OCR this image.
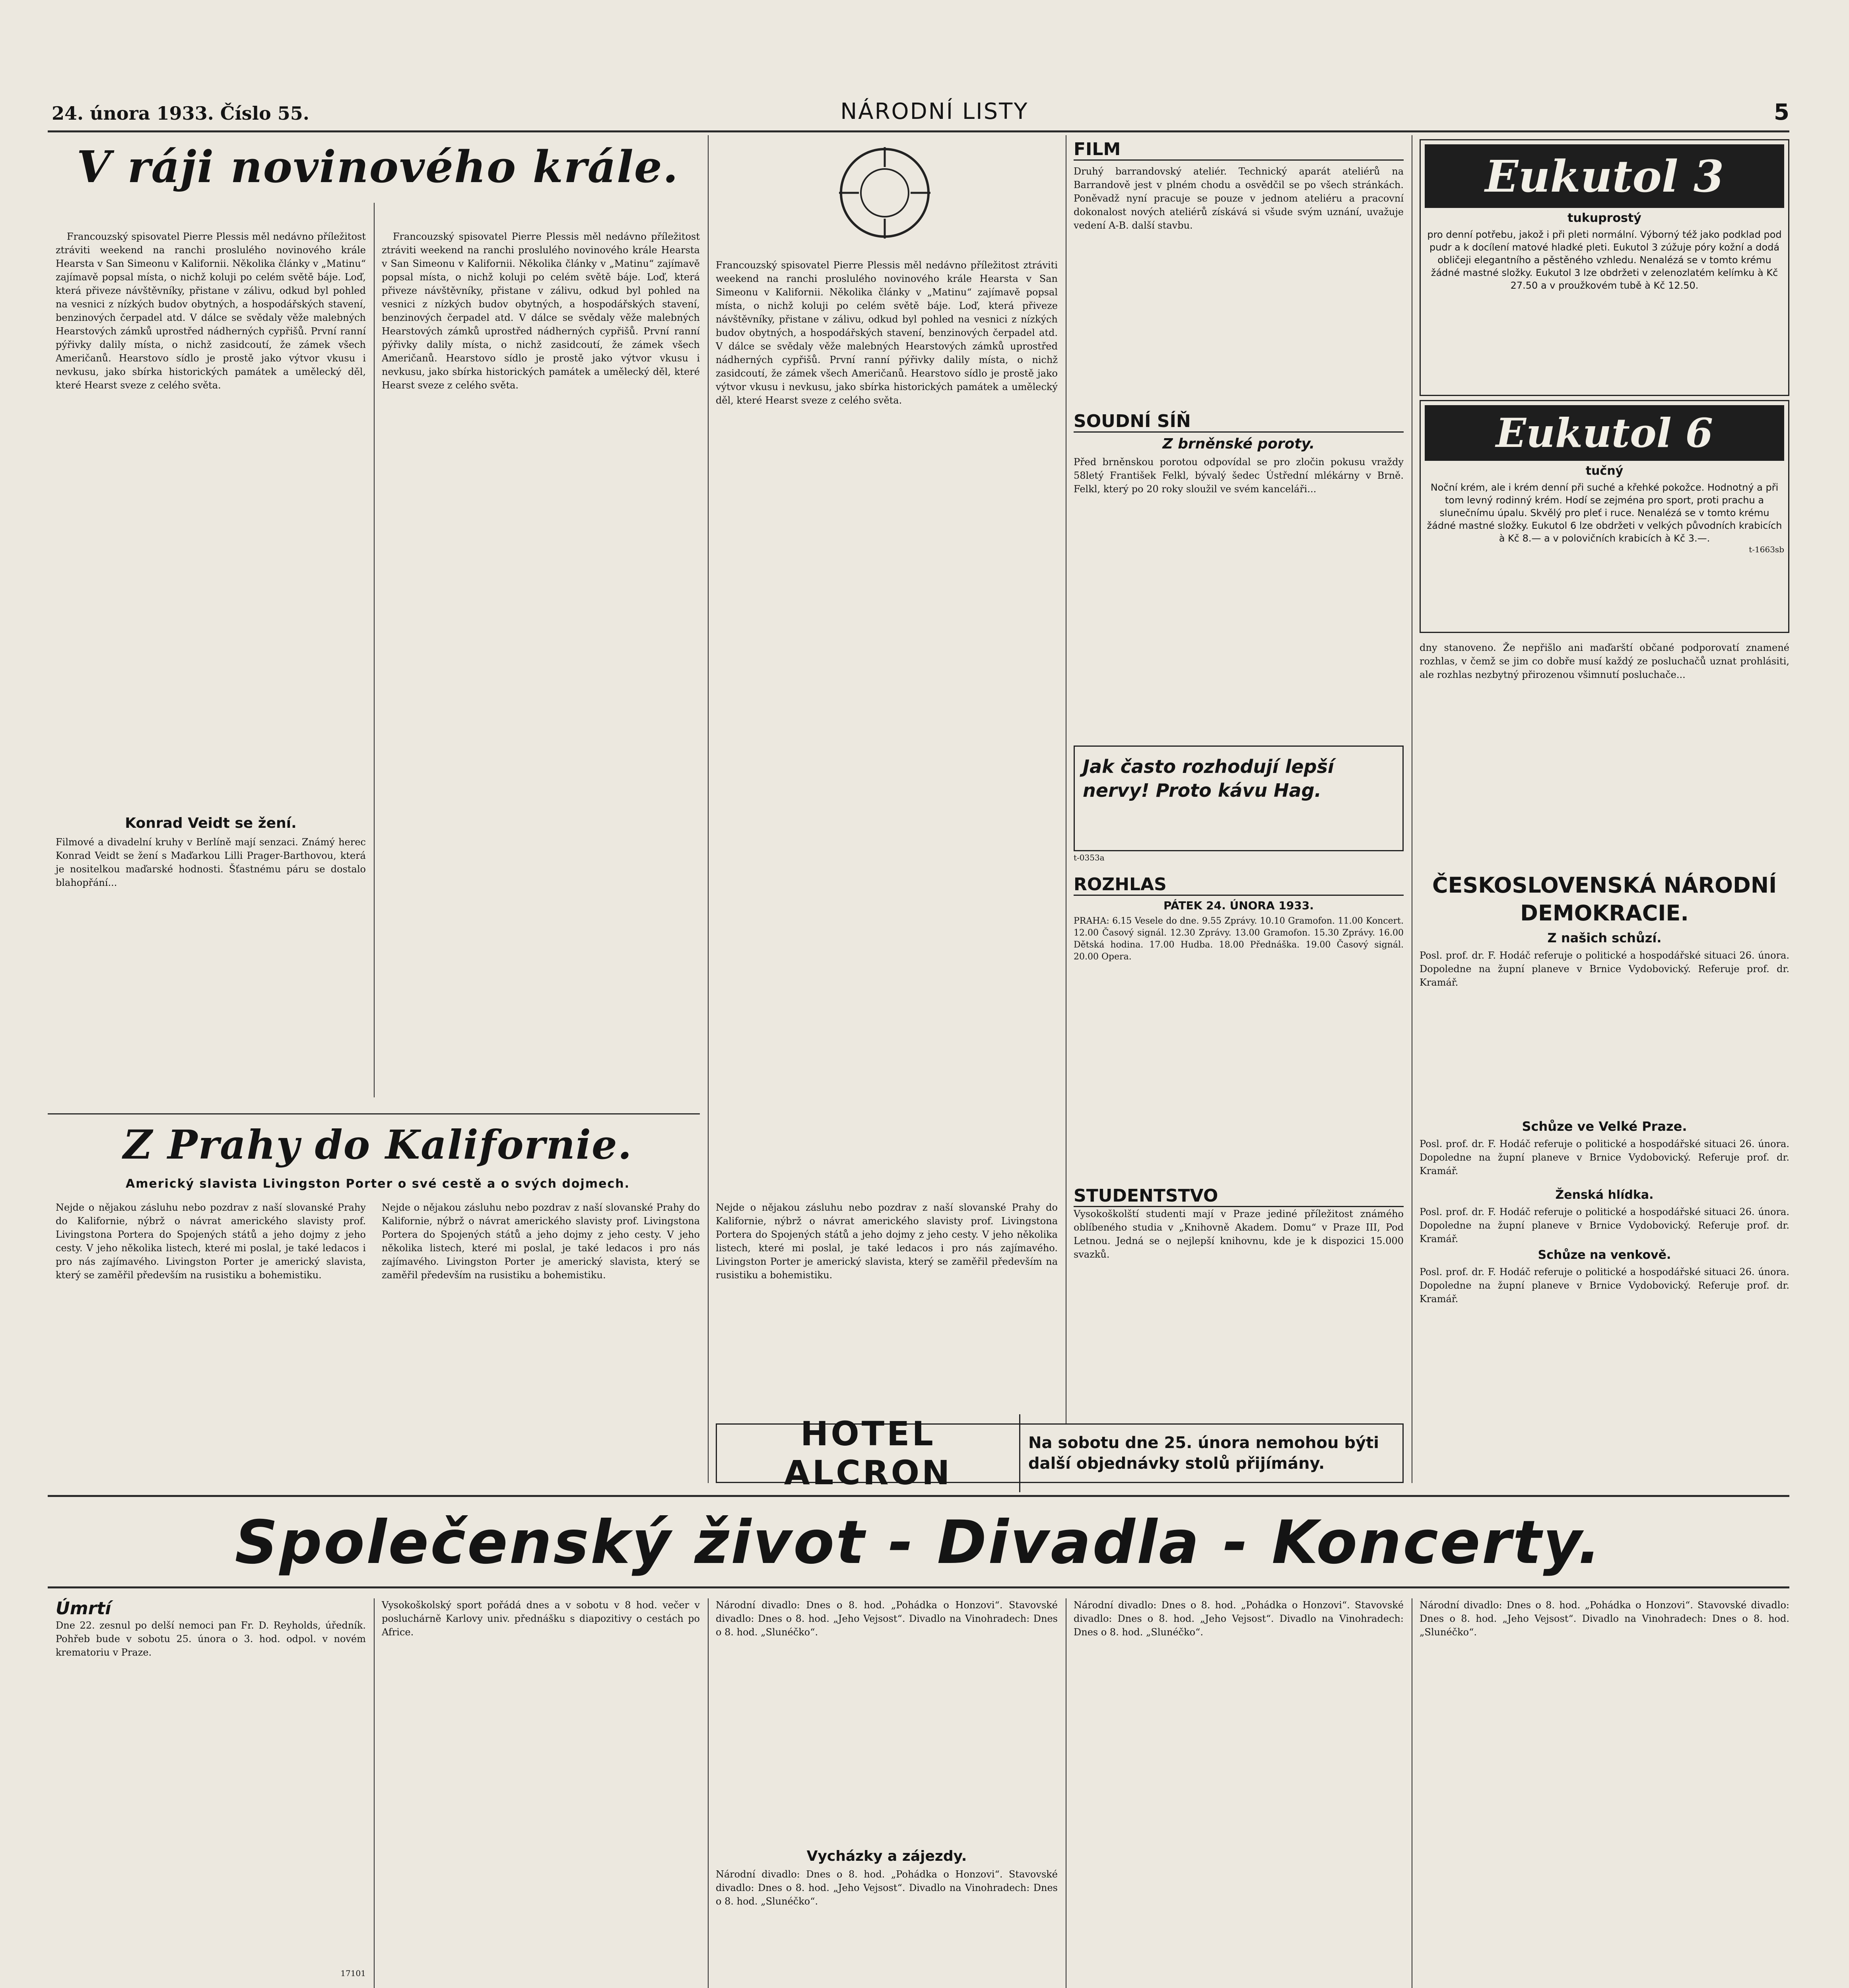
24. února 1933. Číslo 55.	NÁRODNÍ LISTY	5
V ráji novinového krále.

Francouzský spisovatel Pierre Plessis měl nedávno příležitost ztráviti weekend na ranchi proslulého novinového krále Hearsta v San Simeonu v Kalifornii. Několika články v „Matinu“ zajímavě popsal místa, o nichž koluji po celém světě báje. Loď, která přiveze návštěvníky, přistane v zálivu, odkud byl pohled na vesnici z nízkých budov obytných, a hospodářských stavení, benzinových čerpadel atd. V dálce se svědaly věže malebných Hearstových zámků uprostřed nádherných cypřišů. První ranní pýřivky dalily místa, o nichž zasidcoutí, že zámek všech Američanů. Hearstovo sídlo je prostě jako výtvor vkusu i nevkusu, jako sbírka historických památek a umělecký děl, které Hearst sveze z celého světa.

Francouzský spisovatel Pierre Plessis měl nedávno příležitost ztráviti weekend na ranchi proslulého novinového krále Hearsta v San Simeonu v Kalifornii. Několika články v „Matinu“ zajímavě popsal místa, o nichž koluji po celém světě báje. Loď, která přiveze návštěvníky, přistane v zálivu, odkud byl pohled na vesnici z nízkých budov obytných, a hospodářských stavení, benzinových čerpadel atd. V dálce se svědaly věže malebných Hearstových zámků uprostřed nádherných cypřišů. První ranní pýřivky dalily místa, o nichž zasidcoutí, že zámek všech Američanů. Hearstovo sídlo je prostě jako výtvor vkusu i nevkusu, jako sbírka historických památek a umělecký děl, které Hearst sveze z celého světa.

Konrad Veidt se žení.
Filmové a divadelní kruhy v Berlíně mají senzaci. Známý herec Konrad Veidt se žení s Maďarkou Lilli Prager-Barthovou, která je nositelkou maďarské hodnosti. Šťastnému páru se dostalo blahopřání...
Francouzský spisovatel Pierre Plessis měl nedávno příležitost ztráviti weekend na ranchi proslulého novinového krále Hearsta v San Simeonu v Kalifornii. Několika články v „Matinu“ zajímavě popsal místa, o nichž koluji po celém světě báje. Loď, která přiveze návštěvníky, přistane v zálivu, odkud byl pohled na vesnici z nízkých budov obytných, a hospodářských stavení, benzinových čerpadel atd. V dálce se svědaly věže malebných Hearstových zámků uprostřed nádherných cypřišů. První ranní pýřivky dalily místa, o nichž zasidcoutí, že zámek všech Američanů. Hearstovo sídlo je prostě jako výtvor vkusu i nevkusu, jako sbírka historických památek a umělecký děl, které Hearst sveze z celého světa.
FILM
Druhý barrandovský ateliér. Technický aparát ateliérů na Barrandově jest v plném chodu a osvědčil se po všech stránkách. Poněvadž nyní pracuje se pouze v jednom ateliéru a pracovní dokonalost nových ateliérů získává si všude svým uznání, uvažuje vedení A-B. další stavbu.
SOUDNÍ SÍŇ
Z brněnské poroty.
Před brněnskou porotou odpovídal se pro zločin pokusu vraždy 58letý František Felkl, bývalý šedec Ústřední mlékárny v Brně. Felkl, který po 20 roky sloužil ve svém kanceláři...
Jak často rozhodují lepší nervy! Proto kávu Hag.
t-0353a
ROZHLAS
PÁTEK 24. ÚNORA 1933.
PRAHA: 6.15 Vesele do dne. 9.55 Zprávy. 10.10 Gramofon. 11.00 Koncert. 12.00 Časový signál. 12.30 Zprávy. 13.00 Gramofon. 15.30 Zprávy. 16.00 Dětská hodina. 17.00 Hudba. 18.00 Přednáška. 19.00 Časový signál. 20.00 Opera.
STUDENTSTVO
Vysokoškolští studenti mají v Praze jediné příležitost známého oblíbeného studia v „Knihovně Akadem. Domu“ v Praze III, Pod Letnou. Jedná se o nejlepší knihovnu, kde je k dispozici 15.000 svazků.
Eukutol 3
tukuprostý
pro denní potřebu, jakož i při pleti normální. Výborný též jako podklad pod pudr a k docílení matové hladké pleti. Eukutol 3 zúžuje póry kožní a dodá obličeji elegantního a pěstěného vzhledu. Nenalézá se v tomto krému žádné mastné složky. Eukutol 3 lze obdržeti v zelenozlatém kelímku à Kč 27.50 a v proužkovém tubě à Kč 12.50.
Eukutol 6
tučný
Noční krém, ale i krém denní při suché a křehké pokožce. Hodnotný a při tom levný rodinný krém. Hodí se zejména pro sport, proti prachu a slunečnímu úpalu. Skvělý pro pleť i ruce. Nenalézá se v tomto krému žádné mastné složky. Eukutol 6 lze obdržeti v velkých původních krabicích à Kč 8.— a v polovičních krabicích à Kč 3.—.
t-1663sb
dny stanoveno. Že nepřišlo ani maďarští občané podporovatí znamené rozhlas, v čemž se jim co dobře musí každý ze posluchačů uznat prohlásiti, ale rozhlas nezbytný přirozenou všimnutí posluchače...
ČESKOSLOVENSKÁ NÁRODNÍ DEMOKRACIE.
Z našich schůzí.
Posl. prof. dr. F. Hodáč referuje o politické a hospodářské situaci 26. února. Dopoledne na župní planeve v Brnice Vydobovický. Referuje prof. dr. Kramář.
Schůze ve Velké Praze.
Posl. prof. dr. F. Hodáč referuje o politické a hospodářské situaci 26. února. Dopoledne na župní planeve v Brnice Vydobovický. Referuje prof. dr. Kramář.
Ženská hlídka.
Posl. prof. dr. F. Hodáč referuje o politické a hospodářské situaci 26. února. Dopoledne na župní planeve v Brnice Vydobovický. Referuje prof. dr. Kramář.
Schůze na venkově.
Posl. prof. dr. F. Hodáč referuje o politické a hospodářské situaci 26. února. Dopoledne na župní planeve v Brnice Vydobovický. Referuje prof. dr. Kramář.
Z Prahy do Kalifornie.
Americký slavista Livingston Porter o své cestě a o svých dojmech.
Nejde o nějakou zásluhu nebo pozdrav z naší slovanské Prahy do Kalifornie, nýbrž o návrat amerického slavisty prof. Livingstona Portera do Spojených států a jeho dojmy z jeho cesty. V jeho několika listech, které mi poslal, je také ledacos i pro nás zajímavého. Livingston Porter je americký slavista, který se zaměřil především na rusistiku a bohemistiku.
Nejde o nějakou zásluhu nebo pozdrav z naší slovanské Prahy do Kalifornie, nýbrž o návrat amerického slavisty prof. Livingstona Portera do Spojených států a jeho dojmy z jeho cesty. V jeho několika listech, které mi poslal, je také ledacos i pro nás zajímavého. Livingston Porter je americký slavista, který se zaměřil především na rusistiku a bohemistiku.
Nejde o nějakou zásluhu nebo pozdrav z naší slovanské Prahy do Kalifornie, nýbrž o návrat amerického slavisty prof. Livingstona Portera do Spojených států a jeho dojmy z jeho cesty. V jeho několika listech, které mi poslal, je také ledacos i pro nás zajímavého. Livingston Porter je americký slavista, který se zaměřil především na rusistiku a bohemistiku.
HOTEL ALCRON
Na sobotu dne 25. února nemohou býti další objednávky stolů přijímány.
Společenský život - Divadla - Koncerty.
Úmrtí
Dne 22. zesnul po delší nemoci pan Fr. D. Reyholds, úředník. Pohřeb bude v sobotu 25. února o 3. hod. odpol. v novém krematoriu v Praze.
17101
Vysokoškolský sport pořádá dnes a v sobotu v 8 hod. večer v posluchárně Karlovy univ. přednášku s diapozitivy o cestách po Africe.
Národní divadlo: Dnes o 8. hod. „Pohádka o Honzovi“. Stavovské divadlo: Dnes o 8. hod. „Jeho Vejsost“. Divadlo na Vinohradech: Dnes o 8. hod. „Slunéčko“.
Vycházky a zájezdy.
Národní divadlo: Dnes o 8. hod. „Pohádka o Honzovi“. Stavovské divadlo: Dnes o 8. hod. „Jeho Vejsost“. Divadlo na Vinohradech: Dnes o 8. hod. „Slunéčko“.
Národní divadlo: Dnes o 8. hod. „Pohádka o Honzovi“. Stavovské divadlo: Dnes o 8. hod. „Jeho Vejsost“. Divadlo na Vinohradech: Dnes o 8. hod. „Slunéčko“.
Národní divadlo: Dnes o 8. hod. „Pohádka o Honzovi“. Stavovské divadlo: Dnes o 8. hod. „Jeho Vejsost“. Divadlo na Vinohradech: Dnes o 8. hod. „Slunéčko“.
